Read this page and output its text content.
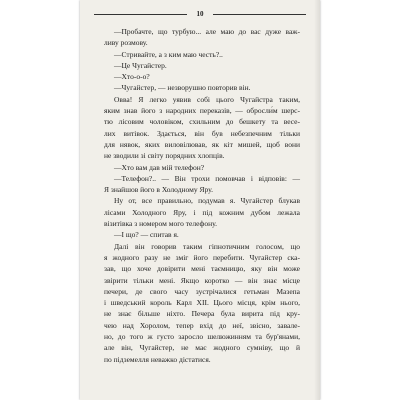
10
—Пробачте, що турбую... але маю до вас дуже важ-
ливу розмову.
—Стривайте, а з ким маю честь?..
—Це Чугайстер.
—Хто-о-о?
—Чугайстер, — незворушно повторив він.
Овва! Я легко уявив собі цього Чугайстра таким,
яким знав його з народних переказів, — обросли́м шерс-
тю лісовим чоловіком, схильним до бешкету та весе-
лих витівок. Здається, він був небезпечним тільки
для нявок, яких виловілював, як кіт мишей, щоб вони
не зводили зі світу порядних хлопців.
—Хто вам дав мій телефон?
—Телефон?.. — Він трохи помовчав і відповів: —
Я знайшов його в Холодному Яру.
Ну от, все правильно, подумав я. Чугайстер блукав
лісами Холодного Яру, і під кожним дубом лежала
візитівка з номером мого телефону.
—І що? — спитав я.
Далі він говорив таким гіпнотичним голосом, що
я жодного разу не зміг його перебити. Чугайстер ска-
зав, що хоче довірити мені таємницю, яку він може
звірити тільки мені. Якщо коротко — він знає місце
печери, де свого часу зустрічалися гетьман Мазепа
і шведський король Карл ХІІ. Цього місця, крім нього,
не знає більше ніхто. Печера була вирита під кру-
чею над Хоролом, тепер вхід до неї, звісно, завале-
но, до того ж густо заросло шелюжинням та бур'янами,
але він, Чугайстер, не має жодного сумніву, що й
по підземелля неважко дістатися.
